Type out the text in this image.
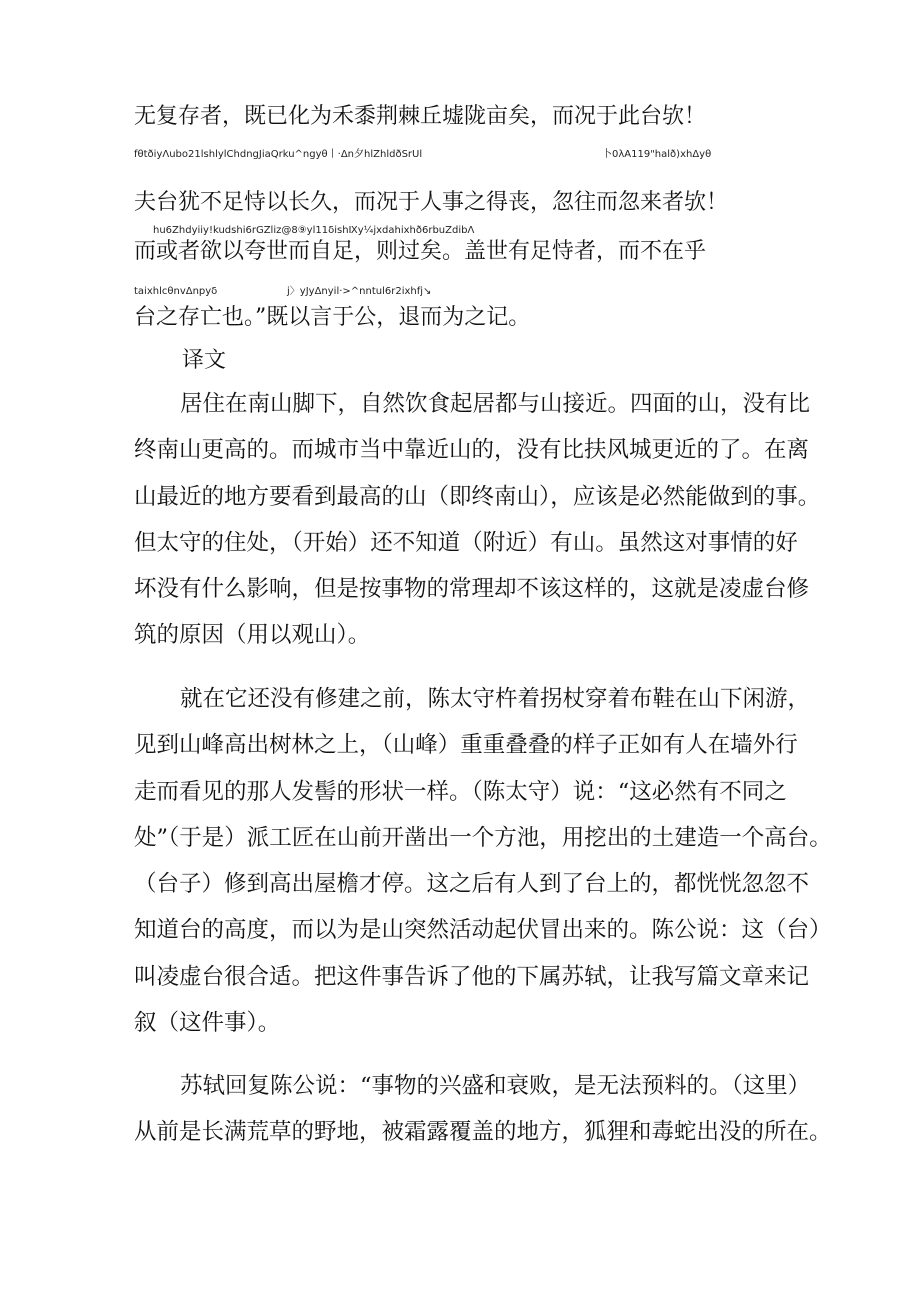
无复存者，既已化为禾黍荆棘丘墟陇亩矣，而况于此台欤！
fθtðiyΛubo21lshlylChdngJiaQrku^ngyθ丨·Δn夕hlZhldðSrUl	卜0λA119"halð)xhΔyθ
夫台犹不足恃以长久，而况于人事之得丧，忽往而忽来者欤！
hu6Zhdyiiy!kudshi6rGZliz@8⑨yl11δishⅨy¼jxdahixhð6rbuZdibΛ
而或者欲以夸世而自足，则过矣。盖世有足恃者，而不在乎
taixhlcθnvΔnpyδ	j〉yJyΔnyil·>^nntul6r2ixhfj↘
台之存亡也。”既以言于公，退而为之记。
译文
居住在南山脚下，自然饮食起居都与山接近。四面的山，没有比
终南山更高的。而城市当中靠近山的，没有比扶风城更近的了。在离
山最近的地方要看到最高的山（即终南山），应该是必然能做到的事。
但太守的住处，（开始）还不知道（附近）有山。虽然这对事情的好
坏没有什么影响，但是按事物的常理却不该这样的，这就是凌虚台修
筑的原因（用以观山）。
就在它还没有修建之前，陈太守杵着拐杖穿着布鞋在山下闲游，
见到山峰高出树林之上，（山峰）重重叠叠的样子正如有人在墙外行
走而看见的那人发髻的形状一样。（陈太守）说：“这必然有不同之
处”（于是）派工匠在山前开凿出一个方池，用挖出的土建造一个高台。
（台子）修到高出屋檐才停。这之后有人到了台上的，都恍恍忽忽不
知道台的高度，而以为是山突然活动起伏冒出来的。陈公说：这（台）
叫凌虚台很合适。把这件事告诉了他的下属苏轼，让我写篇文章来记
叙（这件事）。
苏轼回复陈公说：“事物的兴盛和衰败，是无法预料的。（这里）
从前是长满荒草的野地，被霜露覆盖的地方，狐狸和毒蛇出没的所在。
